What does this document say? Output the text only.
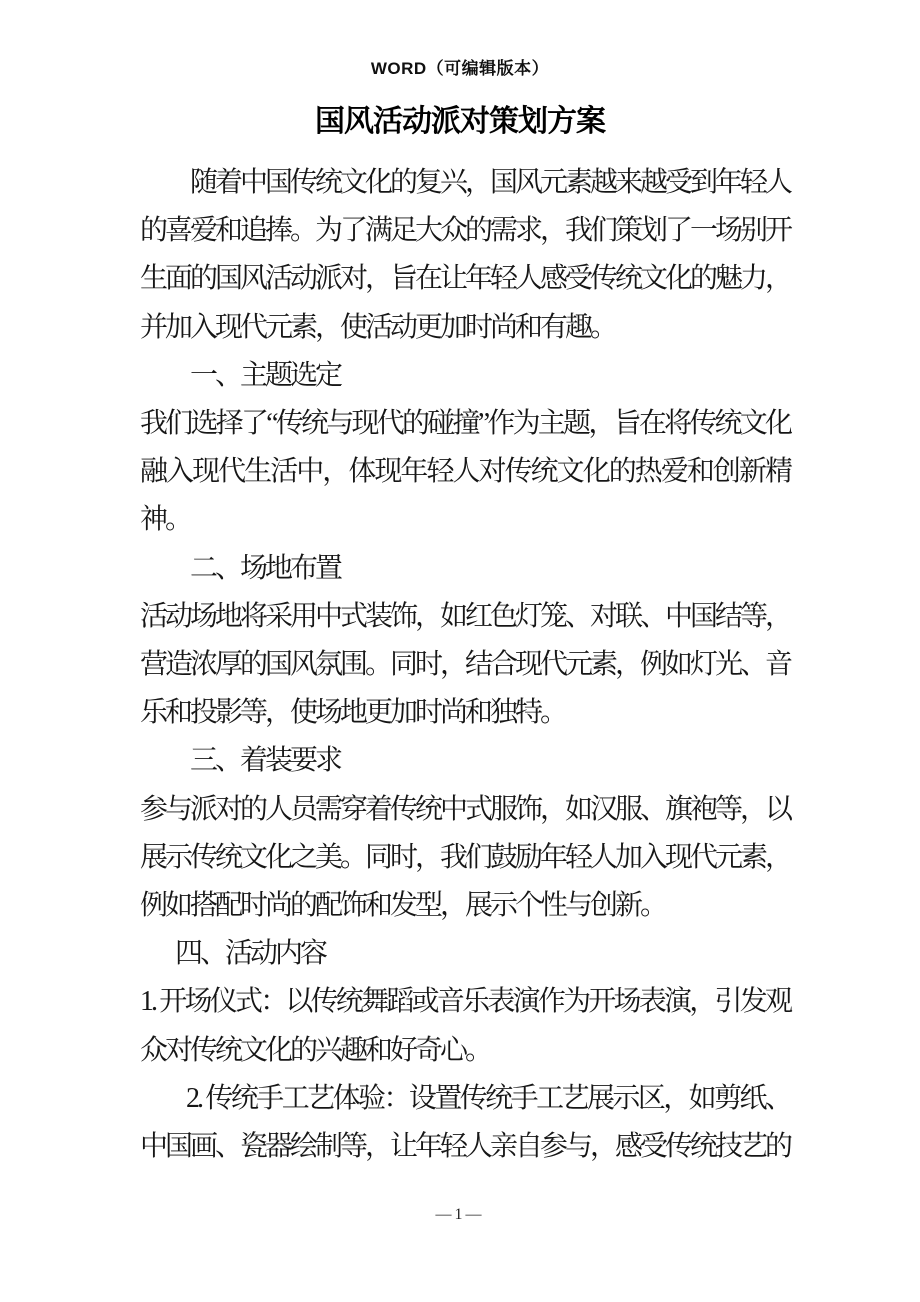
WORD（可编辑版本）
国风活动派对策划方案

随着中国传统文化的复兴，国风元素越来越受到年轻人的喜爱和追捧。为了满足大众的需求，我们策划了一场别开生面的国风活动派对，旨在让年轻人感受传统文化的魅力，并加入现代元素，使活动更加时尚和有趣。

一、主题选定

我们选择了“传统与现代的碰撞”作为主题，旨在将传统文化融入现代生活中，体现年轻人对传统文化的热爱和创新精神。

二、场地布置

活动场地将采用中式装饰，如红色灯笼、对联、中国结等，营造浓厚的国风氛围。同时，结合现代元素，例如灯光、音乐和投影等，使场地更加时尚和独特。

三、着装要求

参与派对的人员需穿着传统中式服饰，如汉服、旗袍等，以展示传统文化之美。同时，我们鼓励年轻人加入现代元素，例如搭配时尚的配饰和发型，展示个性与创新。

四、活动内容

1. 开场仪式：以传统舞蹈或音乐表演作为开场表演，引发观众对传统文化的兴趣和好奇心。

2. 传统手工艺体验：设置传统手工艺展示区，如剪纸、中国画、瓷器绘制等，让年轻人亲自参与，感受传统技艺的

—1—
